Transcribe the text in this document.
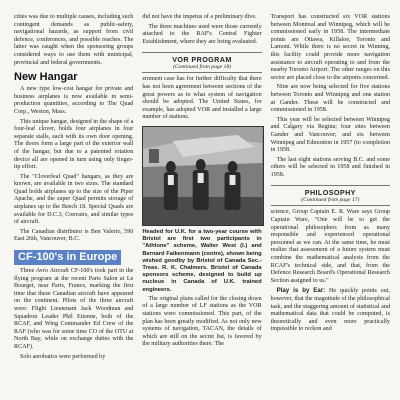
cities was due to multiple causes, including such contingent demands as public-safety, navigational hazards, as support from civil defence, conferences, and possible reaches. The latter was caught when the sponsoring groups considered ways to use them with municipal, provincial and federal governments.

New Hangar

A new type low-cost hangar for private and business airplanes is now available in semi-production quantities, according to The Quad Corp., Weston, Mass.

This unique hangar, designed in the shape of a four-leaf clover, holds four airplanes in four separate stalls, each with its own door opening. The doors form a large part of the exterior wall of the hangar, but due to a patented rotation device all are opened in turn using only finger-tip effort.

The "Cloverleaf Quad" hangars, as they are known, are available in two sizes. The standard Quad holds airplanes up to the size of the Piper Apache, and the super Quad permits storage of airplanes up to the Beech 18. Special Quads are available for D.C.3, Convairs, and similar types of aircraft.

The Canadian distributor is Ben Valerio, 590 East 26th, Vancouver, B.C.

CF-100's in Europe

Three Avro Aircraft CF-100's took part in the flying program at the recent Paris Salon at Le Bourget, near Paris, France, marking the first time that these Canadian aircraft have appeared on the continent. Pilots of the three aircraft were: Flight Lieutenant Jack Woodman and Squadron Leader Phil Etienne, both of the RCAF, and Wing Commander Ed Crew of the RAF (who was for some time CO of the OTU at North Bay, while on exchange duties with the RCAF).

Solo aerobatics were performed by

did not have the impetus of a preliminary dive.

The three machines used were those currently attached to the RAF's Central Fighter Establishment, where they are being evaluated.

VOR PROGRAM
(Continued from page 18)

ernment case has for further difficulty that there has not been agreement between sections of the great powers as to what system of navigation should be adopted. The United States, for example, has adopted VOR and installed a large number of stations.

Headed for U.K. for a two-year course with Bristol are first two participants in "Athlone" scheme, Walter West (l.) and Bernard Falkenmann (centre), shown being wished goodby by Bristol of Canada Sec.-Treas. R. K. Chalmers. Bristol of Canada sponsors scheme, designed to build up nucleus in Canada of U.K. trained engineers.

The original plans called for the closing down of a large number of LF stations as the VOR stations were commissioned. This part, of the plan has been greatly modified. As not only new systems of navigation, TACAN, the details of which are still on the secret list, is favored by the military authorities there. The

Transport has constructed six VOR stations between Montreal and Winnipeg, which will be commissioned early in 1958. The intermediate points are Ottawa, Killaloe, Toronto and Lamont. While there is no secret in Winning, this facility could provide more navigation assistance to aircraft operating to and from the nearby Toronto Airport. The other ranges on this sector are placed close to the airports concerned.

Nine are now being selected for five stations between Toronto and Winnipeg and one station at Gander. These will be constructed and commissioned in 1958.

This year will be selected between Winnipeg and Calgary via Regina; four sites between Gander and Vancouver; and six between Winnipeg and Edmonton in 1957 (to completion in 1958.

The last eight stations serving B.C. and some others will be selected in 1958 and finished in 1958.

PHILOSOPHY
(Continued from page 17)

science, Group Captain E. R. Ware says Group Captain Ware, "One will be to get the operational philosophers from as many responsible and experienced operational personnel as we can. At the same time, he must realize that assessment of a future system must combine the mathematical analysis from the RCAF's technical side, and that, from the Defence Research Board's Operational Research Section assigned to us."

Play is by Ear: He quickly points out, however, that the magnitude of the philosophical task, and the staggering amount of statistical and mathematical data that could be computed, is theoretically and even more practically impossible to reckon and
